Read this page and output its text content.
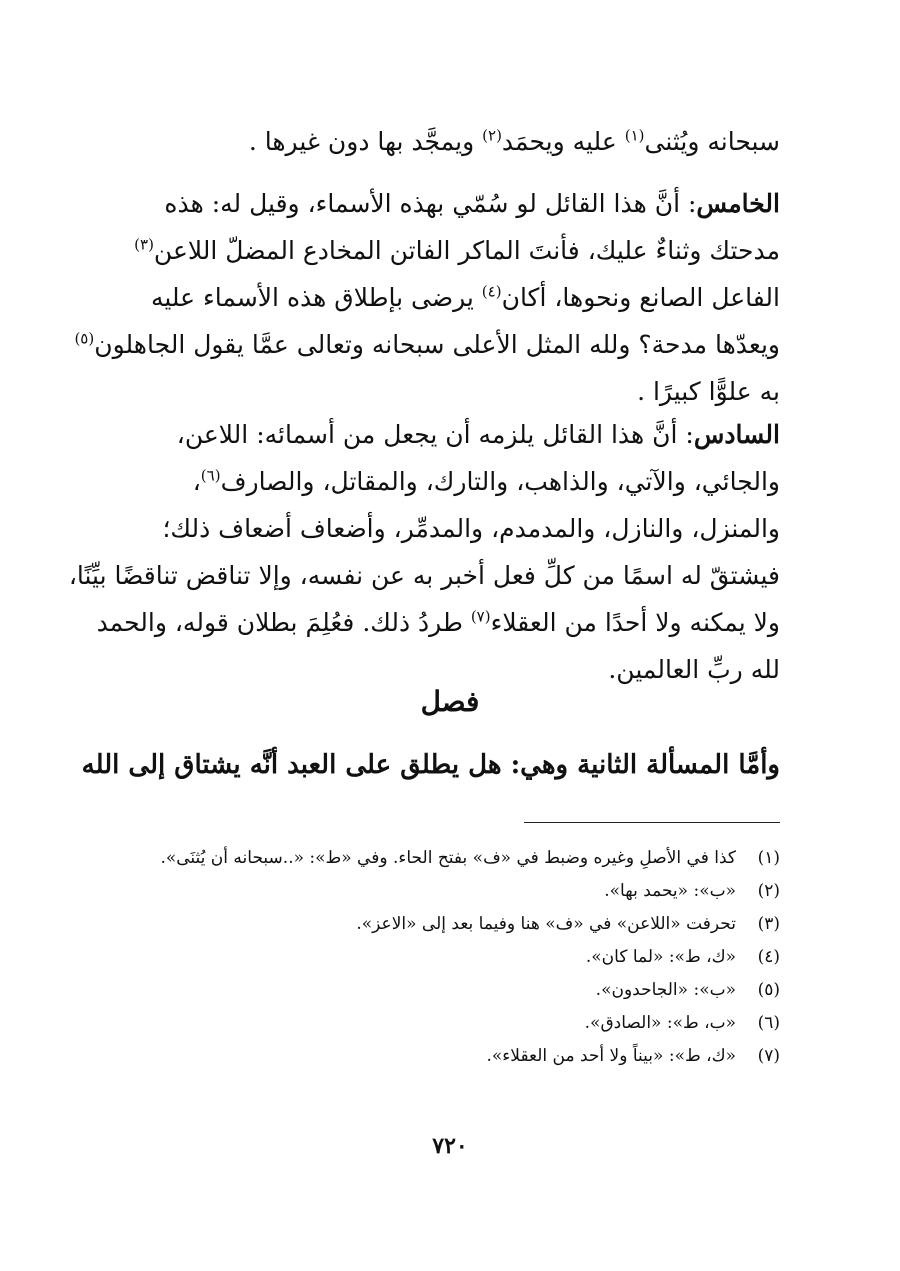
سبحانه ويُثنى$^{(١)}$ عليه ويحمَد$^{(٢)}$ ويمجَّد بها دون غيرها .

الخامس: أنَّ هذا القائل لو سُمّي بهذه الأسماء، وقيل له: هذه
مدحتك وثناءٌ عليك، فأنتَ الماكر الفاتن المخادع المضلّ اللاعن$^{(٣)}$
الفاعل الصانع ونحوها، أكان$^{(٤)}$ يرضى بإطلاق هذه الأسماء عليه
ويعدّها مدحة؟ ولله المثل الأعلى سبحانه وتعالى عمَّا يقول الجاهلون$^{(٥)}$
به علوًّا كبيرًا .

السادس: أنَّ هذا القائل يلزمه أن يجعل من أسمائه: اللاعن،
والجائي، والآتي، والذاهب، والتارك، والمقاتل، والصارف$^{(٦)}$،
والمنزل، والنازل، والمدمدم، والمدمِّر، وأضعاف أضعاف ذلك؛
فيشتقّ له اسمًا من كلِّ فعل أخبر به عن نفسه، وإلا تناقض تناقضًا بيِّنًا،
ولا يمكنه ولا أحدًا من العقلاء$^{(٧)}$ طردُ ذلك. فعُلِمَ بطلان قوله، والحمد
لله ربِّ العالمين.

فصل
وأمَّا المسألة الثانية وهي: هل يطلق على العبد أنَّه يشتاق إلى الله
(١)
كذا في الأصلِ وغيره وضبط في «ف» بفتح الحاء. وفي «ط»: «..سبحانه أن يُثنَى».
(٢)
«ب»: «يحمد بها».
(٣)
تحرفت «اللاعن» في «ف» هنا وفيما بعد إلى «الاعز».
(٤)
«ك، ط»: «لما كان».
(٥)
«ب»: «الجاحدون».
(٦)
«ب، ط»: «الصادق».
(٧)
«ك، ط»: «بيناً ولا أحد من العقلاء».
٧٢٠
